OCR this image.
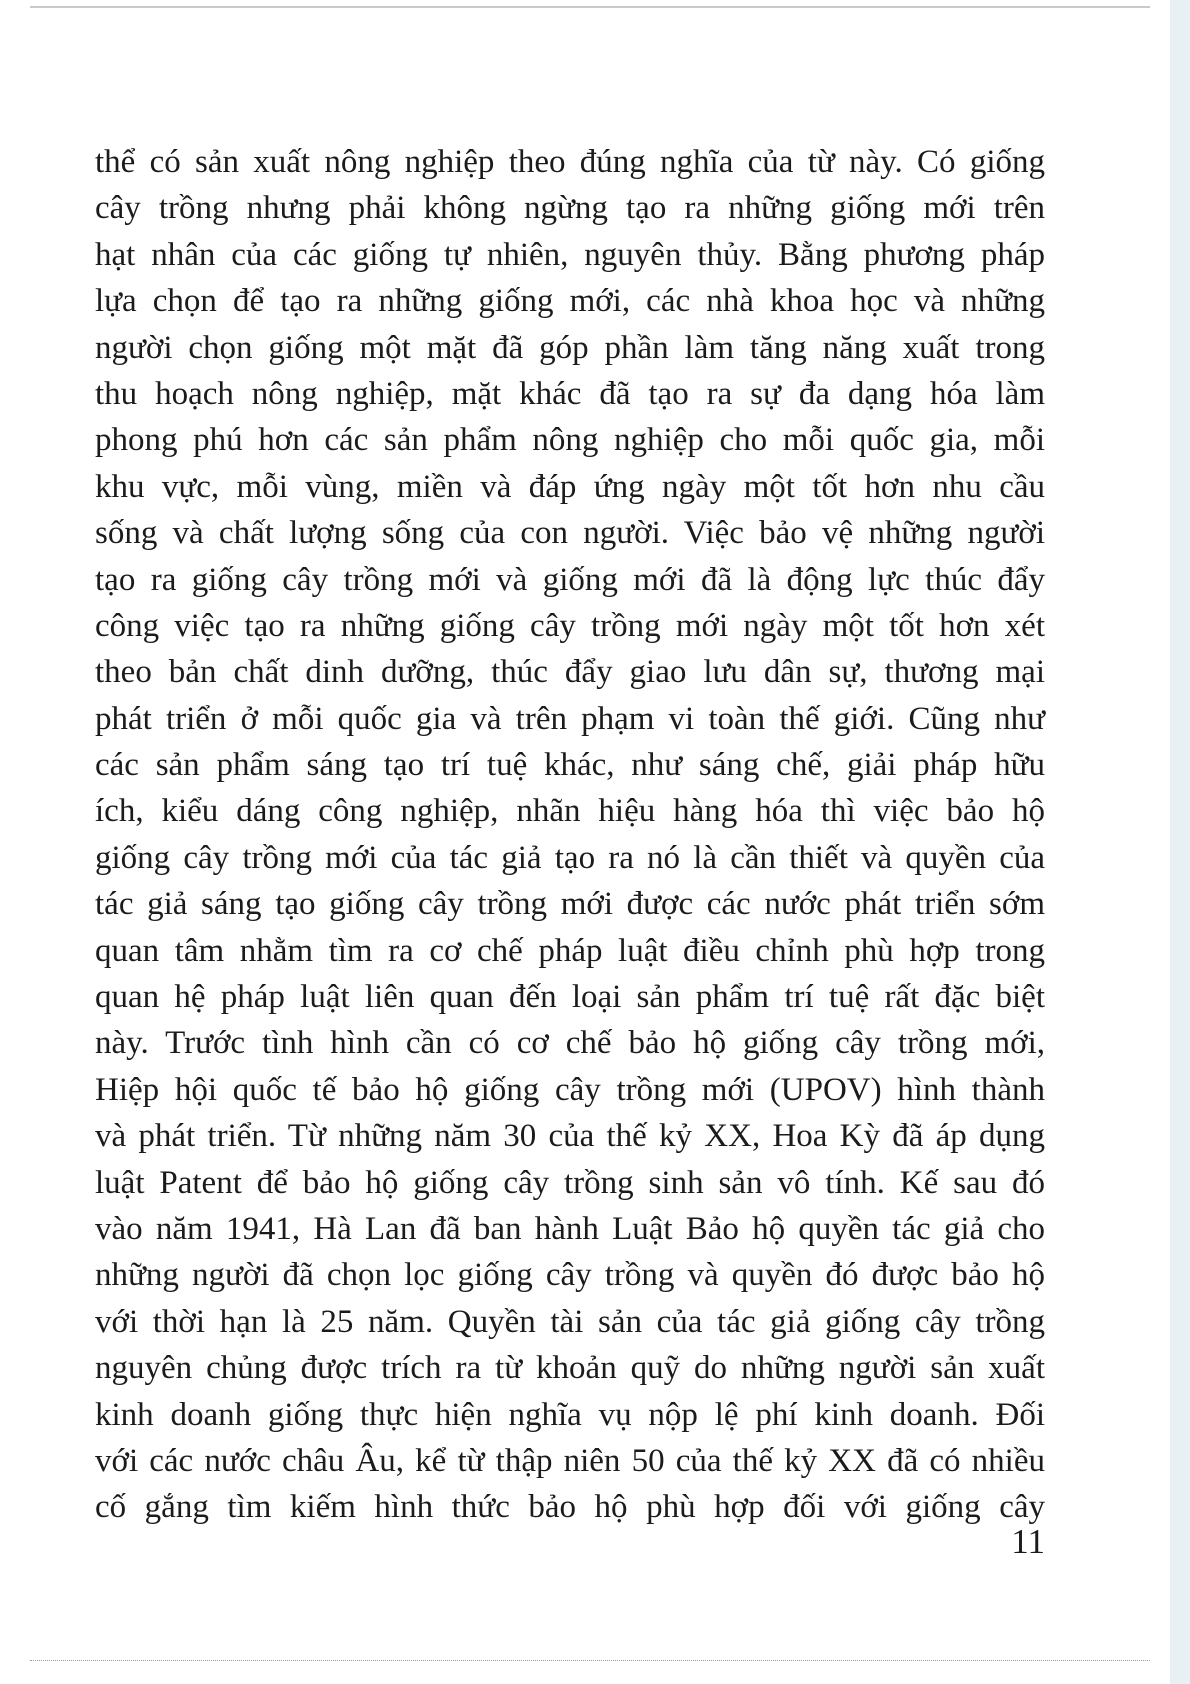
thể có sản xuất nông nghiệp theo đúng nghĩa của từ này. Có giống
cây trồng nhưng phải không ngừng tạo ra những giống mới trên
hạt nhân của các giống tự nhiên, nguyên thủy. Bằng phương pháp
lựa chọn để tạo ra những giống mới, các nhà khoa học và những
người chọn giống một mặt đã góp phần làm tăng năng xuất trong
thu hoạch nông nghiệp, mặt khác đã tạo ra sự đa dạng hóa làm
phong phú hơn các sản phẩm nông nghiệp cho mỗi quốc gia, mỗi
khu vực, mỗi vùng, miền và đáp ứng ngày một tốt hơn nhu cầu
sống và chất lượng sống của con người. Việc bảo vệ những người
tạo ra giống cây trồng mới và giống mới đã là động lực thúc đẩy
công việc tạo ra những giống cây trồng mới ngày một tốt hơn xét
theo bản chất dinh dưỡng, thúc đẩy giao lưu dân sự, thương mại
phát triển ở mỗi quốc gia và trên phạm vi toàn thế giới. Cũng như
các sản phẩm sáng tạo trí tuệ khác, như sáng chế, giải pháp hữu
ích, kiểu dáng công nghiệp, nhãn hiệu hàng hóa thì việc bảo hộ
giống cây trồng mới của tác giả tạo ra nó là cần thiết và quyền của
tác giả sáng tạo giống cây trồng mới được các nước phát triển sớm
quan tâm nhằm tìm ra cơ chế pháp luật điều chỉnh phù hợp trong
quan hệ pháp luật liên quan đến loại sản phẩm trí tuệ rất đặc biệt
này. Trước tình hình cần có cơ chế bảo hộ giống cây trồng mới,
Hiệp hội quốc tế bảo hộ giống cây trồng mới (UPOV) hình thành
và phát triển. Từ những năm 30 của thế kỷ XX, Hoa Kỳ đã áp dụng
luật Patent để bảo hộ giống cây trồng sinh sản vô tính. Kế sau đó
vào năm 1941, Hà Lan đã ban hành Luật Bảo hộ quyền tác giả cho
những người đã chọn lọc giống cây trồng và quyền đó được bảo hộ
với thời hạn là 25 năm. Quyền tài sản của tác giả giống cây trồng
nguyên chủng được trích ra từ khoản quỹ do những người sản xuất
kinh doanh giống thực hiện nghĩa vụ nộp lệ phí kinh doanh. Đối
với các nước châu Âu, kể từ thập niên 50 của thế kỷ XX đã có nhiều
cố gắng tìm kiếm hình thức bảo hộ phù hợp đối với giống cây

11
